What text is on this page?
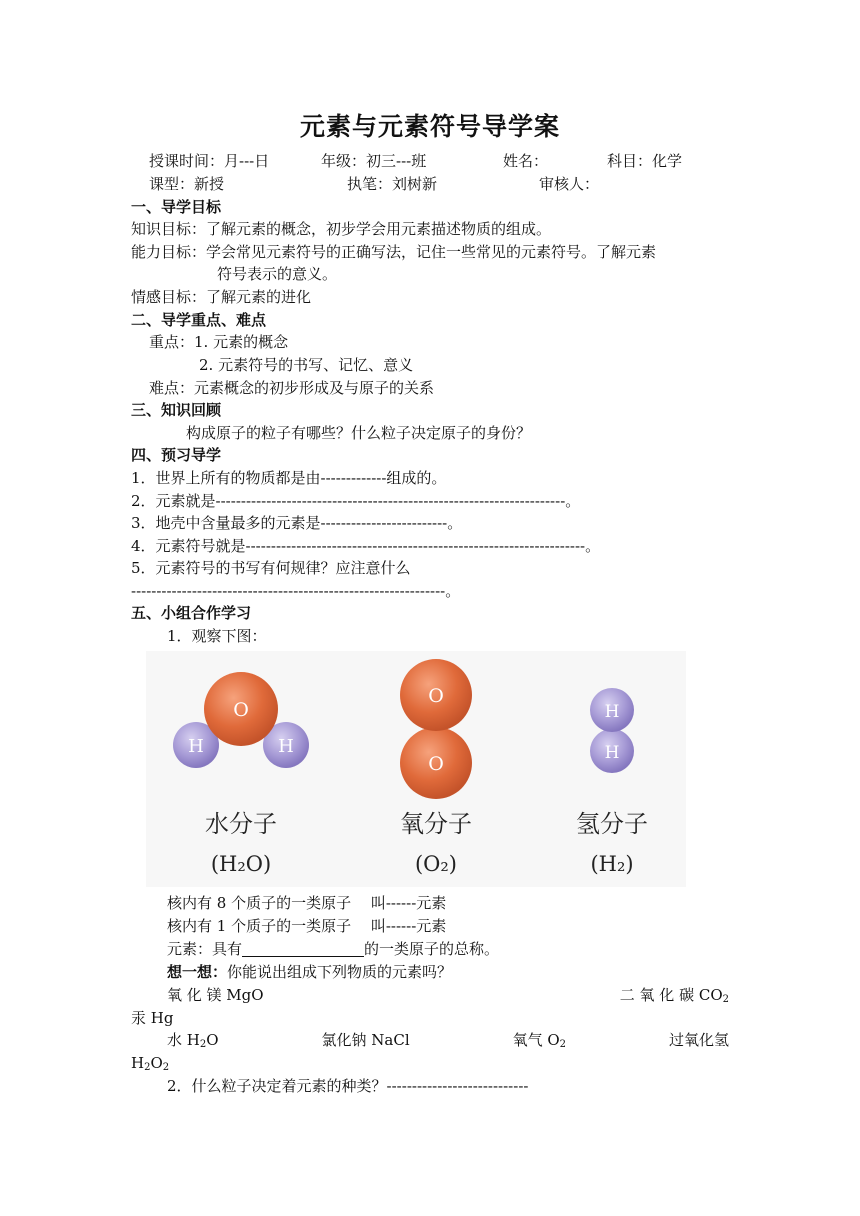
元素与元素符号导学案
授课时间：月---日	年级：初三---班	姓名：	科目：化学
课型：新授	执笔：刘树新	审核人：
一、导学目标
知识目标：了解元素的概念，初步学会用元素描述物质的组成。
能力目标：学会常见元素符号的正确写法，记住一些常见的元素符号。了解元素
符号表示的意义。
情感目标：了解元素的进化
二、导学重点、难点
重点：1. 元素的概念
2. 元素符号的书写、记忆、意义
难点：元素概念的初步形成及与原子的关系
三、知识回顾
构成原子的粒子有哪些？什么粒子决定原子的身份？
四、预习导学
1．世界上所有的物质都是由-------------组成的。
2．元素就是---------------------------------------------------------------------。
3．地壳中含量最多的元素是-------------------------。
4．元素符号就是-------------------------------------------------------------------。
5．元素符号的书写有何规律？应注意什么
--------------------------------------------------------------。
五、小组合作学习
1．观察下图：
O
H	H
水分子
(H₂O)
O
O
氧分子
(O₂)
H
H
氢分子
(H₂)
核内有 8 个质子的一类原子　 叫------元素
核内有 1 个质子的一类原子　 叫------元素
元素：具有	的一类原子的总称。
想一想：你能说出组成下列物质的元素吗？
氧 化 镁 MgO	二 氧 化 碳 $CO_2$
汞 Hg
水 $H_2O$	氯化钠 NaCl	氧气 $O_2$	过氧化氢
$H_2O_2$
2．什么粒子决定着元素的种类？----------------------------
